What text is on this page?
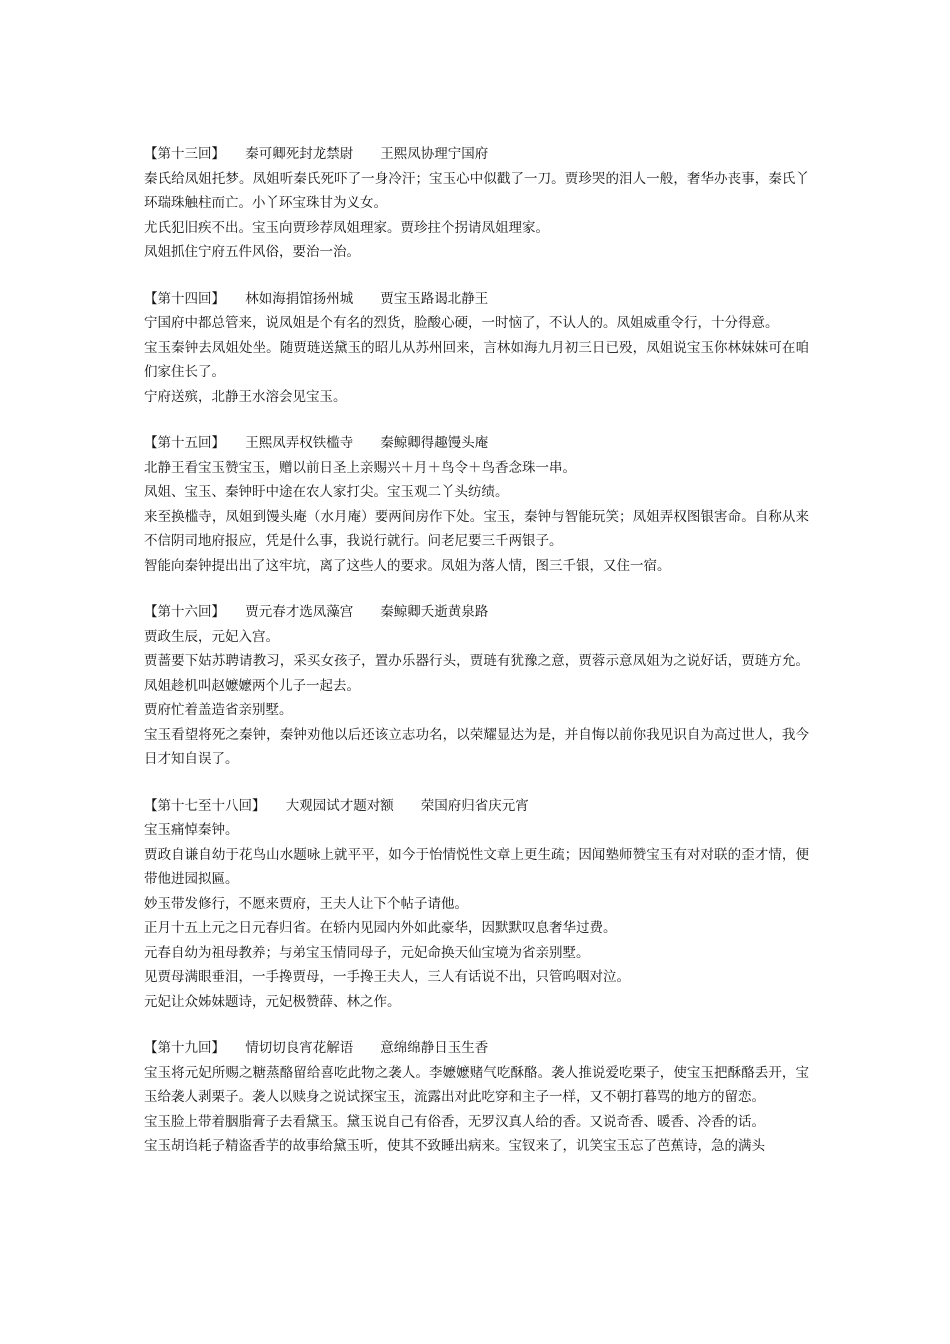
【第十三回】　　 秦可卿死封龙禁尉　　 王熙凤协理宁国府

秦氏给凤姐托梦。凤姐听秦氏死吓了一身冷汗；宝玉心中似戳了一刀。贾珍哭的泪人一般，奢华办丧事，秦氏丫环瑞珠触柱而亡。小丫环宝珠甘为义女。

尤氏犯旧疾不出。宝玉向贾珍荐凤姐理家。贾珍拄个拐请凤姐理家。

凤姐抓住宁府五件风俗，要治一治。

【第十四回】　　 林如海捐馆扬州城　　 贾宝玉路谒北静王

宁国府中都总管来，说凤姐是个有名的烈货，脸酸心硬，一时恼了，不认人的。凤姐威重令行，十分得意。

宝玉秦钟去凤姐处坐。随贾琏送黛玉的昭儿从苏州回来，言林如海九月初三日已殁，凤姐说宝玉你林妹妹可在咱们家住长了。

宁府送殡，北静王水溶会见宝玉。

【第十五回】　　 王熙凤弄权铁槛寺　　 秦鲸卿得趣馒头庵

北静王看宝玉赞宝玉，赠以前日圣上亲赐兴＋月＋鸟令＋鸟香念珠一串。

凤姐、宝玉、秦钟盱中途在农人家打尖。宝玉观二丫头纺绩。

来至换槛寺，凤姐到馒头庵（水月庵）要两间房作下处。宝玉，秦钟与智能玩笑；凤姐弄权图银害命。自称从来不信阴司地府报应，凭是什么事，我说行就行。问老尼要三千两银子。

智能向秦钟提出出了这牢坑，离了这些人的要求。凤姐为落人情，图三千银，又住一宿。

【第十六回】　　 贾元春才选凤藻宫　　 秦鲸卿夭逝黄泉路

贾政生辰，元妃入宫。

贾蔷要下姑苏聘请教习，采买女孩子，置办乐器行头，贾琏有犹豫之意，贾蓉示意凤姐为之说好话，贾琏方允。凤姐趁机叫赵嬷嬷两个儿子一起去。

贾府忙着盖造省亲别墅。

宝玉看望将死之秦钟，秦钟劝他以后还该立志功名，以荣耀显达为是，并自悔以前你我见识自为高过世人，我今日才知自误了。

【第十七至十八回】　　 大观园试才题对额　　 荣国府归省庆元宵

宝玉痛悼秦钟。

贾政自谦自幼于花鸟山水题咏上就平平，如今于怡情悦性文章上更生疏；因闻塾师赞宝玉有对对联的歪才情，便带他进园拟匾。

妙玉带发修行，不愿来贾府，王夫人让下个帖子请他。

正月十五上元之日元春归省。在轿内见园内外如此豪华，因默默叹息奢华过费。

元春自幼为祖母教养；与弟宝玉情同母子，元妃命换天仙宝境为省亲别墅。

见贾母满眼垂泪，一手搀贾母，一手搀王夫人，三人有话说不出，只管呜咽对泣。

元妃让众姊妹题诗，元妃极赞薛、林之作。

【第十九回】　　 情切切良宵花解语　　 意绵绵静日玉生香

宝玉将元妃所赐之糖蒸酪留给喜吃此物之袭人。李嬷嬷赌气吃酥酪。袭人推说爱吃栗子，使宝玉把酥酪丢开，宝玉给袭人剥栗子。袭人以赎身之说试探宝玉，流露出对此吃穿和主子一样，又不朝打暮骂的地方的留恋。

宝玉脸上带着胭脂膏子去看黛玉。黛玉说自己有俗香，无罗汉真人给的香。又说奇香、暖香、冷香的话。

宝玉胡诌耗子精盗香芋的故事给黛玉听，使其不致睡出病来。宝钗来了，讥笑宝玉忘了芭蕉诗，急的满头
